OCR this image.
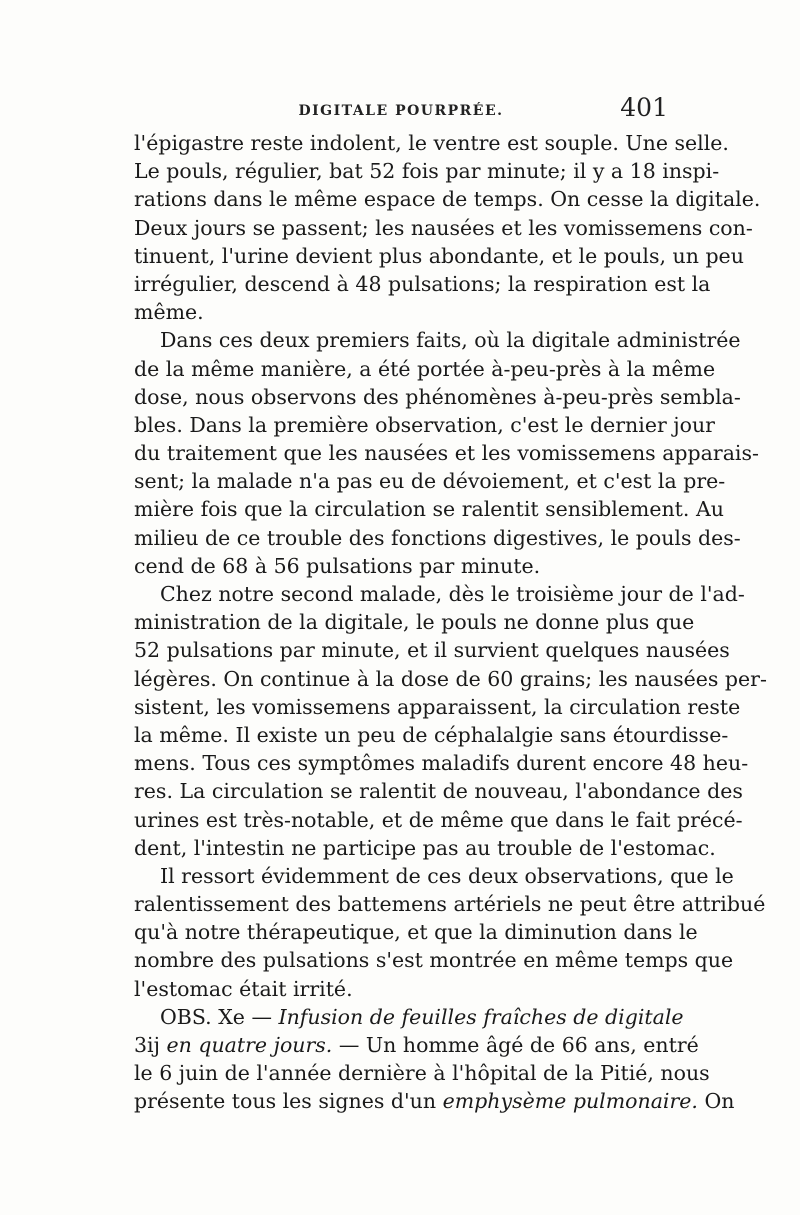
DIGITALE POURPRÉE.	401
l'épigastre reste indolent, le ventre est souple. Une selle.
Le pouls, régulier, bat 52 fois par minute; il y a 18 inspi-
rations dans le même espace de temps. On cesse la digitale.
Deux jours se passent; les nausées et les vomissemens con-
tinuent, l'urine devient plus abondante, et le pouls, un peu
irrégulier, descend à 48 pulsations; la respiration est la
même.
Dans ces deux premiers faits, où la digitale administrée
de la même manière, a été portée à-peu-près à la même
dose, nous observons des phénomènes à-peu-près sembla-
bles. Dans la première observation, c'est le dernier jour
du traitement que les nausées et les vomissemens apparais-
sent; la malade n'a pas eu de dévoiement, et c'est la pre-
mière fois que la circulation se ralentit sensiblement. Au
milieu de ce trouble des fonctions digestives, le pouls des-
cend de 68 à 56 pulsations par minute.
Chez notre second malade, dès le troisième jour de l'ad-
ministration de la digitale, le pouls ne donne plus que
52 pulsations par minute, et il survient quelques nausées
légères. On continue à la dose de 60 grains; les nausées per-
sistent, les vomissemens apparaissent, la circulation reste
la même. Il existe un peu de céphalalgie sans étourdisse-
mens. Tous ces symptômes maladifs durent encore 48 heu-
res. La circulation se ralentit de nouveau, l'abondance des
urines est très-notable, et de même que dans le fait précé-
dent, l'intestin ne participe pas au trouble de l'estomac.
Il ressort évidemment de ces deux observations, que le
ralentissement des battemens artériels ne peut être attribué
qu'à notre thérapeutique, et que la diminution dans le
nombre des pulsations s'est montrée en même temps que
l'estomac était irrité.
OBS. Xe — Infusion de feuilles fraîches de digitale
3ij en quatre jours. — Un homme âgé de 66 ans, entré
le 6 juin de l'année dernière à l'hôpital de la Pitié, nous
présente tous les signes d'un emphysème pulmonaire. On
